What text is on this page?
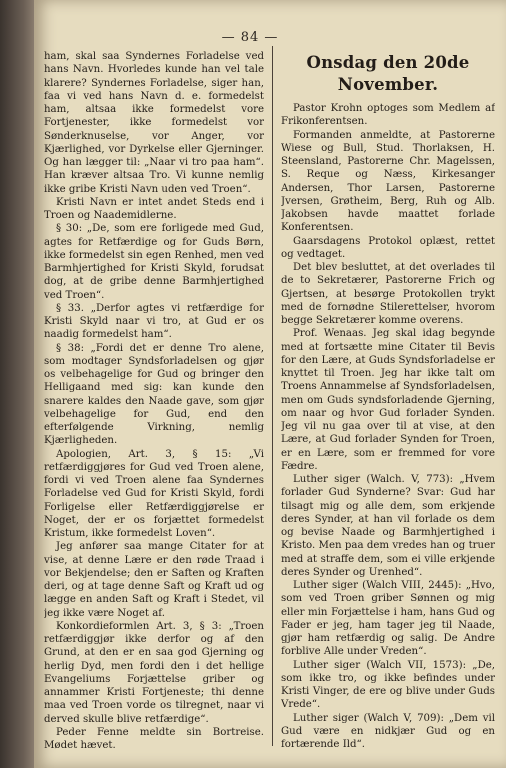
— 84 —

ham, skal saa Syndernes Forladelse ved hans Navn. Hvorledes kunde han vel tale klarere? Syndernes Forladelse, siger han, faa vi ved hans Navn d. e. formedelst ham, altsaa ikke formedelst vore Fortjenester, ikke formedelst vor Sønderknuselse, vor Anger, vor Kjærlighed, vor Dyrkelse eller Gjerninger. Og han lægger til: „Naar vi tro paa ham“. Han kræver altsaa Tro. Vi kunne nemlig ikke gribe Kristi Navn uden ved Troen“.

Kristi Navn er intet andet Steds end i Troen og Naademidlerne.

§ 30: „De, som ere forligede med Gud, agtes for Retfærdige og for Guds Børn, ikke formedelst sin egen Renhed, men ved Barmhjertighed for Kristi Skyld, forudsat dog, at de gribe denne Barmhjertighed ved Troen“.

§ 33. „Derfor agtes vi retfærdige for Kristi Skyld naar vi tro, at Gud er os naadig formedelst ham“.

§ 38: „Fordi det er denne Tro alene, som modtager Syndsforladelsen og gjør os velbehagelige for Gud og bringer den Helligaand med sig: kan kunde den snarere kaldes den Naade gave, som gjør velbehagelige for Gud, end den efterfølgende Virkning, nemlig Kjærligheden.

Apologien, Art. 3, § 15: „Vi retfærdiggjøres for Gud ved Troen alene, fordi vi ved Troen alene faa Syndernes Forladelse ved Gud for Kristi Skyld, fordi Forligelse eller Retfærdiggjørelse er Noget, der er os forjættet formedelst Kristum, ikke formedelst Loven“.

Jeg anfører saa mange Citater for at vise, at denne Lære er den røde Traad i vor Bekjendelse; den er Saften og Kraften deri, og at tage denne Saft og Kraft ud og lægge en anden Saft og Kraft i Stedet, vil jeg ikke være Noget af.

Konkordieformlen Art. 3, § 3: „Troen retfærdiggjør ikke derfor og af den Grund, at den er en saa god Gjerning og herlig Dyd, men fordi den i det hellige Evangeliums Forjættelse griber og annammer Kristi Fortjeneste; thi denne maa ved Troen vorde os tilregnet, naar vi derved skulle blive retfærdige“.

Peder Fenne meldte sin Bortreise. Mødet hævet.

Onsdag den 20de November.

Pastor Krohn optoges som Medlem af Frikonferentsen.

Formanden anmeldte, at Pastorerne Wiese og Bull, Stud. Thorlaksen, H. Steensland, Pastorerne Chr. Magelssen, S. Reque og Næss, Kirkesanger Andersen, Thor Larsen, Pastorerne Jversen, Grøtheim, Berg, Ruh og Alb. Jakobsen havde maattet forlade Konferentsen.

Gaarsdagens Protokol oplæst, rettet og vedtaget.

Det blev besluttet, at det overlades til de to Sekretærer, Pastorerne Frich og Gjertsen, at besørge Protokollen trykt med de fornødne Stilerettelser, hvorom begge Sekretærer komme overens.

Prof. Wenaas. Jeg skal idag begynde med at fortsætte mine Citater til Bevis for den Lære, at Guds Syndsforladelse er knyttet til Troen. Jeg har ikke talt om Troens Annammelse af Syndsforladelsen, men om Guds syndsforladende Gjerning, om naar og hvor Gud forlader Synden. Jeg vil nu gaa over til at vise, at den Lære, at Gud forlader Synden for Troen, er en Lære, som er fremmed for vore Fædre.

Luther siger (Walch. V, 773): „Hvem forlader Gud Synderne? Svar: Gud har tilsagt mig og alle dem, som erkjende deres Synder, at han vil forlade os dem og bevise Naade og Barmhjertighed i Kristo. Men paa dem vredes han og truer med at straffe dem, som ei ville erkjende deres Synder og Urenhed“.

Luther siger (Walch VIII, 2445): „Hvo, som ved Troen griber Sønnen og mig eller min Forjættelse i ham, hans Gud og Fader er jeg, ham tager jeg til Naade, gjør ham retfærdig og salig. De Andre forblive Alle under Vreden“.

Luther siger (Walch VII, 1573): „De, som ikke tro, og ikke befindes under Kristi Vinger, de ere og blive under Guds Vrede“.

Luther siger (Walch V, 709): „Dem vil Gud være en nidkjær Gud og en fortærende Ild“.
